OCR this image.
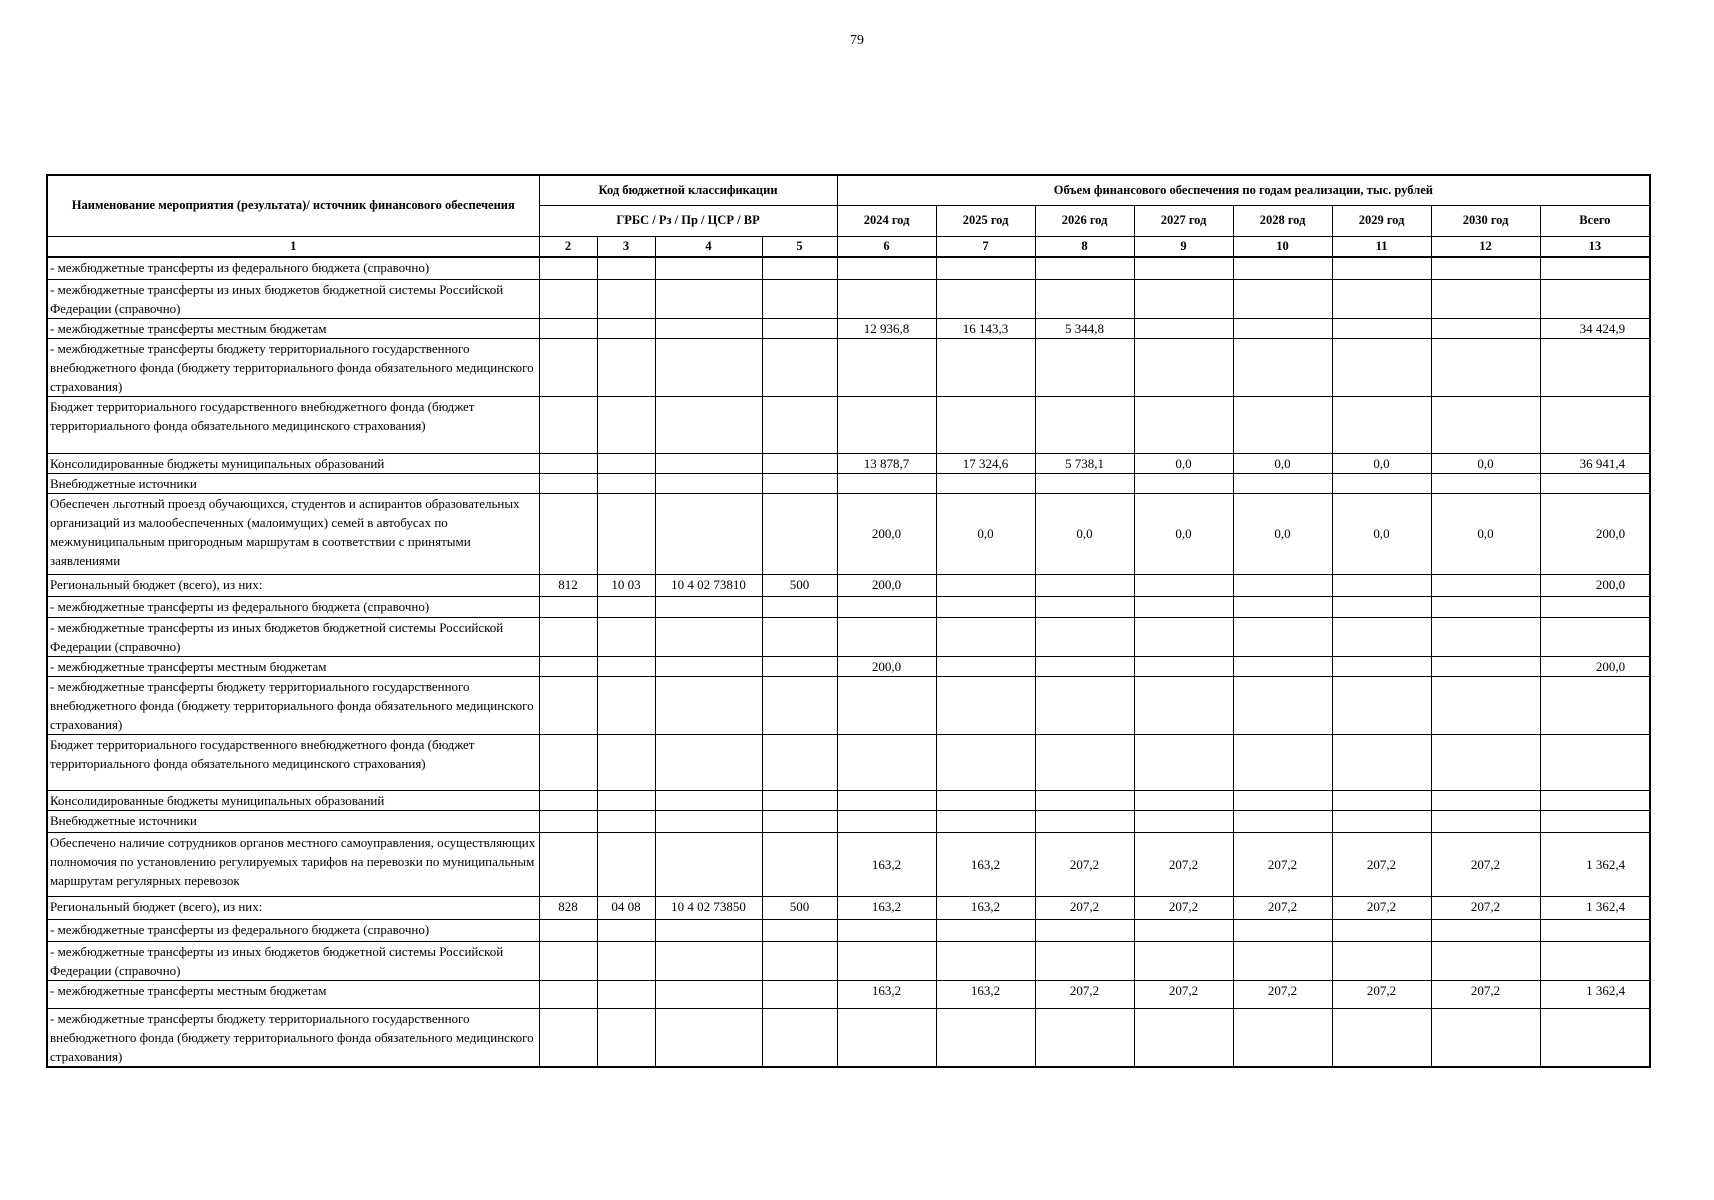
79
Наименование мероприятия (результата)/ источник финансового обеспечения	Код бюджетной классификации				Объем финансового обеспечения по годам реализации, тыс. рублей							
	ГРБС / Рз / Пр / ЦСР / ВР				2024 год	2025 год	2026 год	2027 год	2028 год	2029 год	2030 год	Всего
1	2	3	4	5	6	7	8	9	10	11	12	13
- межбюджетные трансферты из федерального бюджета (справочно)												
- межбюджетные трансферты из иных бюджетов бюджетной системы Российской Федерации (справочно)												
- межбюджетные трансферты местным бюджетам					12 936,8	16 143,3	5 344,8					34 424,9
- межбюджетные трансферты бюджету территориального государственного внебюджетного фонда (бюджету территориального фонда обязательного медицинского страхования)												
Бюджет территориального государственного внебюджетного фонда (бюджет территориального фонда обязательного медицинского страхования)												
Консолидированные бюджеты муниципальных образований					13 878,7	17 324,6	5 738,1	0,0	0,0	0,0	0,0	36 941,4
Внебюджетные источники												
Обеспечен льготный проезд обучающихся, студентов и аспирантов образовательных организаций из малообеспеченных (малоимущих) семей в автобусах по межмуниципальным пригородным маршрутам в соответствии с принятыми заявлениями					200,0	0,0	0,0	0,0	0,0	0,0	0,0	200,0
Региональный бюджет (всего), из них:	812	10 03	10 4 02 73810	500	200,0							200,0
- межбюджетные трансферты из федерального бюджета (справочно)												
- межбюджетные трансферты из иных бюджетов бюджетной системы Российской Федерации (справочно)												
- межбюджетные трансферты местным бюджетам					200,0							200,0
- межбюджетные трансферты бюджету территориального государственного внебюджетного фонда (бюджету территориального фонда обязательного медицинского страхования)												
Бюджет территориального государственного внебюджетного фонда (бюджет территориального фонда обязательного медицинского страхования)												
Консолидированные бюджеты муниципальных образований												
Внебюджетные источники												
Обеспечено наличие сотрудников органов местного самоуправления, осуществляющих полномочия по установлению регулируемых тарифов на перевозки по муниципальным маршрутам регулярных перевозок					163,2	163,2	207,2	207,2	207,2	207,2	207,2	1 362,4
Региональный бюджет (всего), из них:	828	04 08	10 4 02 73850	500	163,2	163,2	207,2	207,2	207,2	207,2	207,2	1 362,4
- межбюджетные трансферты из федерального бюджета (справочно)												
- межбюджетные трансферты из иных бюджетов бюджетной системы Российской Федерации (справочно)												
- межбюджетные трансферты местным бюджетам					163,2	163,2	207,2	207,2	207,2	207,2	207,2	1 362,4
- межбюджетные трансферты бюджету территориального государственного внебюджетного фонда (бюджету территориального фонда обязательного медицинского страхования)												
